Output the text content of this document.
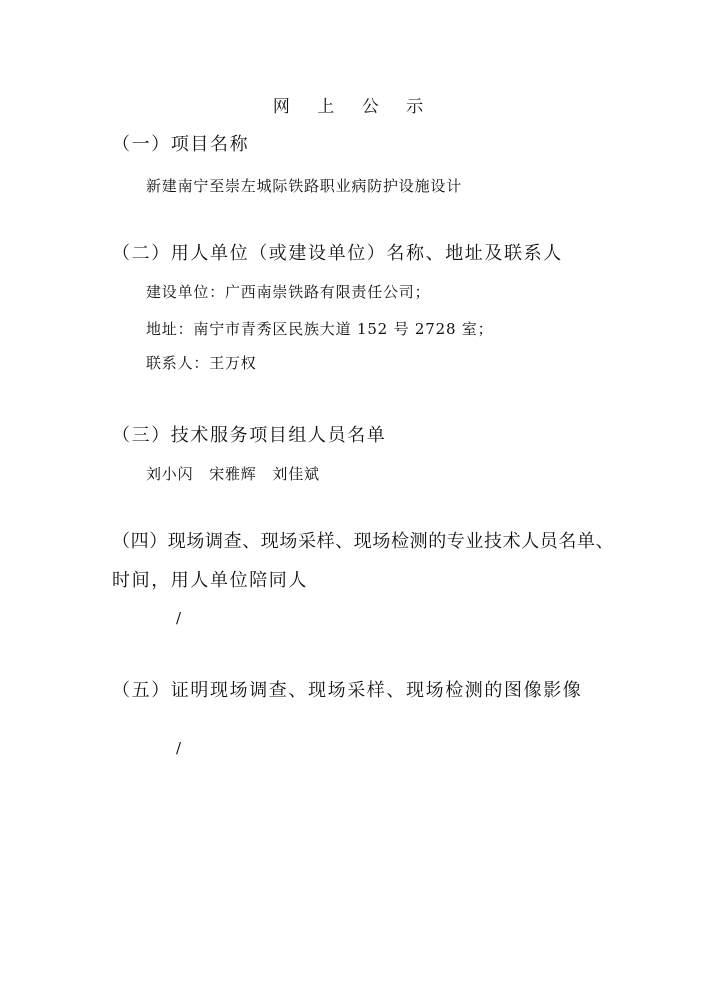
网 上 公 示
（一）项目名称
新建南宁至崇左城际铁路职业病防护设施设计
（二）用人单位（或建设单位）名称、地址及联系人
建设单位：广西南崇铁路有限责任公司；
地址：南宁市青秀区民族大道 152 号 2728 室；
联系人：王万权
（三）技术服务项目组人员名单
刘小闪　宋雅辉　刘佳斌
（四）现场调查、现场采样、现场检测的专业技术人员名单、
时间，用人单位陪同人
/
（五）证明现场调查、现场采样、现场检测的图像影像
/
